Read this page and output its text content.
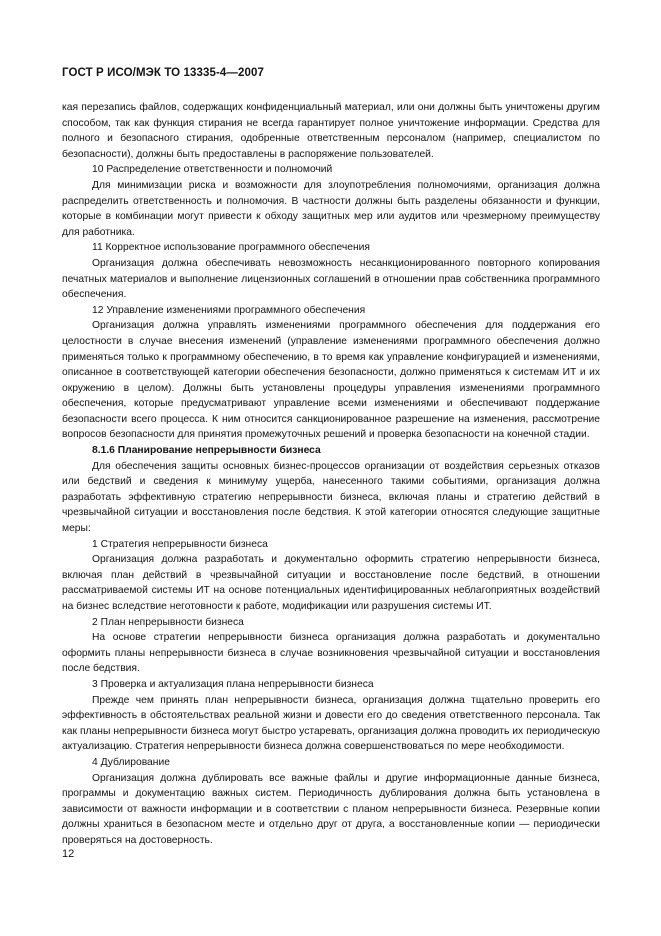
ГОСТ Р ИСО/МЭК ТО 13335-4—2007

кая перезапись файлов, содержащих конфиденциальный материал, или они должны быть уничтожены другим способом, так как функция стирания не всегда гарантирует полное уничтожение информации. Средства для полного и безопасного стирания, одобренные ответственным персоналом (например, специалистом по безопасности), должны быть предоставлены в распоряжение пользователей.

10 Распределение ответственности и полномочий

Для минимизации риска и возможности для злоупотребления полномочиями, организация должна распределить ответственность и полномочия. В частности должны быть разделены обязанности и функции, которые в комбинации могут привести к обходу защитных мер или аудитов или чрезмерному преимуществу для работника.

11 Корректное использование программного обеспечения

Организация должна обеспечивать невозможность несанкционированного повторного копирования печатных материалов и выполнение лицензионных соглашений в отношении прав собственника программного обеспечения.

12 Управление изменениями программного обеспечения

Организация должна управлять изменениями программного обеспечения для поддержания его целостности в случае внесения изменений (управление изменениями программного обеспечения должно применяться только к программному обеспечению, в то время как управление конфигурацией и изменениями, описанное в соответствующей категории обеспечения безопасности, должно применяться к системам ИТ и их окружению в целом). Должны быть установлены процедуры управления изменениями программного обеспечения, которые предусматривают управление всеми изменениями и обеспечивают поддержание безопасности всего процесса. К ним относится санкционированное разрешение на изменения, рассмотрение вопросов безопасности для принятия промежуточных решений и проверка безопасности на конечной стадии.

8.1.6 Планирование непрерывности бизнеса

Для обеспечения защиты основных бизнес-процессов организации от воздействия серьезных отказов или бедствий и сведения к минимуму ущерба, нанесенного такими событиями, организация должна разработать эффективную стратегию непрерывности бизнеса, включая планы и стратегию действий в чрезвычайной ситуации и восстановления после бедствия. К этой категории относятся следующие защитные меры:

1 Стратегия непрерывности бизнеса

Организация должна разработать и документально оформить стратегию непрерывности бизнеса, включая план действий в чрезвычайной ситуации и восстановление после бедствий, в отношении рассматриваемой системы ИТ на основе потенциальных идентифицированных неблагоприятных воздействий на бизнес вследствие неготовности к работе, модификации или разрушения системы ИТ.

2 План непрерывности бизнеса

На основе стратегии непрерывности бизнеса организация должна разработать и документально оформить планы непрерывности бизнеса в случае возникновения чрезвычайной ситуации и восстановления после бедствия.

3 Проверка и актуализация плана непрерывности бизнеса

Прежде чем принять план непрерывности бизнеса, организация должна тщательно проверить его эффективность в обстоятельствах реальной жизни и довести его до сведения ответственного персонала. Так как планы непрерывности бизнеса могут быстро устаревать, организация должна проводить их периодическую актуализацию. Стратегия непрерывности бизнеса должна совершенствоваться по мере необходимости.

4 Дублирование

Организация должна дублировать все важные файлы и другие информационные данные бизнеса, программы и документацию важных систем. Периодичность дублирования должна быть установлена в зависимости от важности информации и в соответствии с планом непрерывности бизнеса. Резервные копии должны храниться в безопасном месте и отдельно друг от друга, а восстановленные копии — периодически проверяться на достоверность.

12
